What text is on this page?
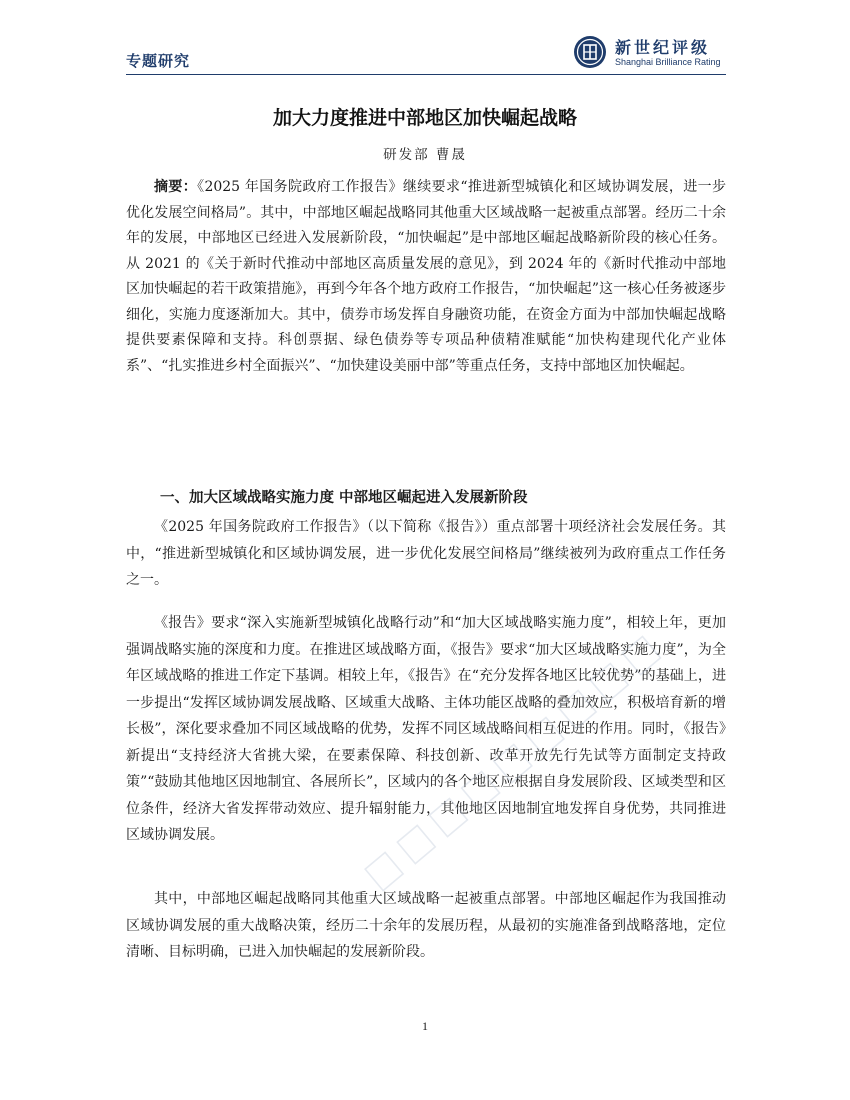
专题研究
新世纪评级
Shanghai Brilliance Rating
加大力度推进中部地区加快崛起战略
研发部 曹晟

摘要：《2025 年国务院政府工作报告》继续要求“推进新型城镇化和区域协调发展，进一步优化发展空间格局”。其中，中部地区崛起战略同其他重大区域战略一起被重点部署。经历二十余年的发展，中部地区已经进入发展新阶段，“加快崛起”是中部地区崛起战略新阶段的核心任务。从 2021 的《关于新时代推动中部地区高质量发展的意见》，到 2024 年的《新时代推动中部地区加快崛起的若干政策措施》，再到今年各个地方政府工作报告，“加快崛起”这一核心任务被逐步细化，实施力度逐渐加大。其中，债券市场发挥自身融资功能，在资金方面为中部加快崛起战略提供要素保障和支持。科创票据、绿色债券等专项品种债精准赋能“加快构建现代化产业体系”、“扎实推进乡村全面振兴”、“加快建设美丽中部”等重点任务，支持中部地区加快崛起。

一、加大区域战略实施力度 中部地区崛起进入发展新阶段

《2025 年国务院政府工作报告》（以下简称《报告》）重点部署十项经济社会发展任务。其中，“推进新型城镇化和区域协调发展，进一步优化发展空间格局”继续被列为政府重点工作任务之一。

《报告》要求“深入实施新型城镇化战略行动”和“加大区域战略实施力度”，相较上年，更加强调战略实施的深度和力度。在推进区域战略方面，《报告》要求“加大区域战略实施力度”，为全年区域战略的推进工作定下基调。相较上年，《报告》在“充分发挥各地区比较优势”的基础上，进一步提出“发挥区域协调发展战略、区域重大战略、主体功能区战略的叠加效应，积极培育新的增长极”，深化要求叠加不同区域战略的优势，发挥不同区域战略间相互促进的作用。同时，《报告》新提出“支持经济大省挑大梁，在要素保障、科技创新、改革开放先行先试等方面制定支持政策”“鼓励其他地区因地制宜、各展所长”，区域内的各个地区应根据自身发展阶段、区域类型和区位条件，经济大省发挥带动效应、提升辐射能力，其他地区因地制宜地发挥自身优势，共同推进区域协调发展。

其中，中部地区崛起战略同其他重大区域战略一起被重点部署。中部地区崛起作为我国推动区域协调发展的重大战略决策，经历二十余年的发展历程，从最初的实施准备到战略落地，定位清晰、目标明确，已进入加快崛起的发展新阶段。

1
